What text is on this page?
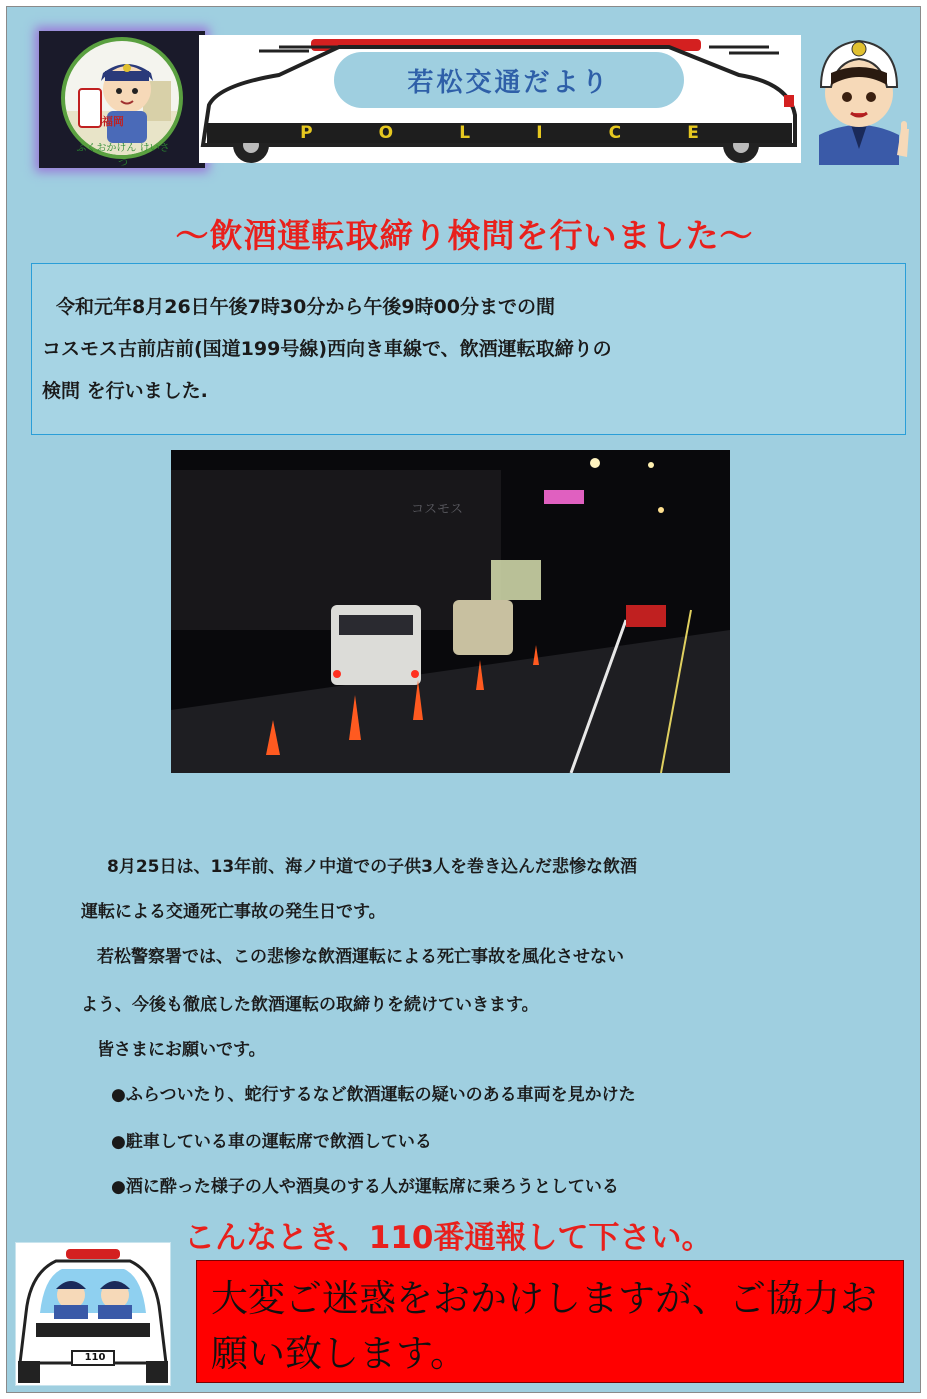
福岡
ふくおかけん けいさつ
若松交通だより
P	O	L	I	C	E
～飲酒運転取締り検問を行いました～
令和元年8月26日午後7時30分から午後9時00分までの間
コスモス古前店前(国道199号線)西向き車線で、飲酒運転取締りの
検問 を行いました.
コスモス
8月25日は、13年前、海ノ中道での子供3人を巻き込んだ悲惨な飲酒
運転による交通死亡事故の発生日です。
若松警察署では、この悲惨な飲酒運転による死亡事故を風化させない
よう、今後も徹底した飲酒運転の取締りを続けていきます。
皆さまにお願いです。
●ふらついたり、蛇行するなど飲酒運転の疑いのある車両を見かけた
●駐車している車の運転席で飲酒している
●酒に酔った様子の人や酒臭のする人が運転席に乗ろうとしている
こんなとき、110番通報して下さい。
110
大変ご迷惑をおかけしますが、ご協力お願い致します。
